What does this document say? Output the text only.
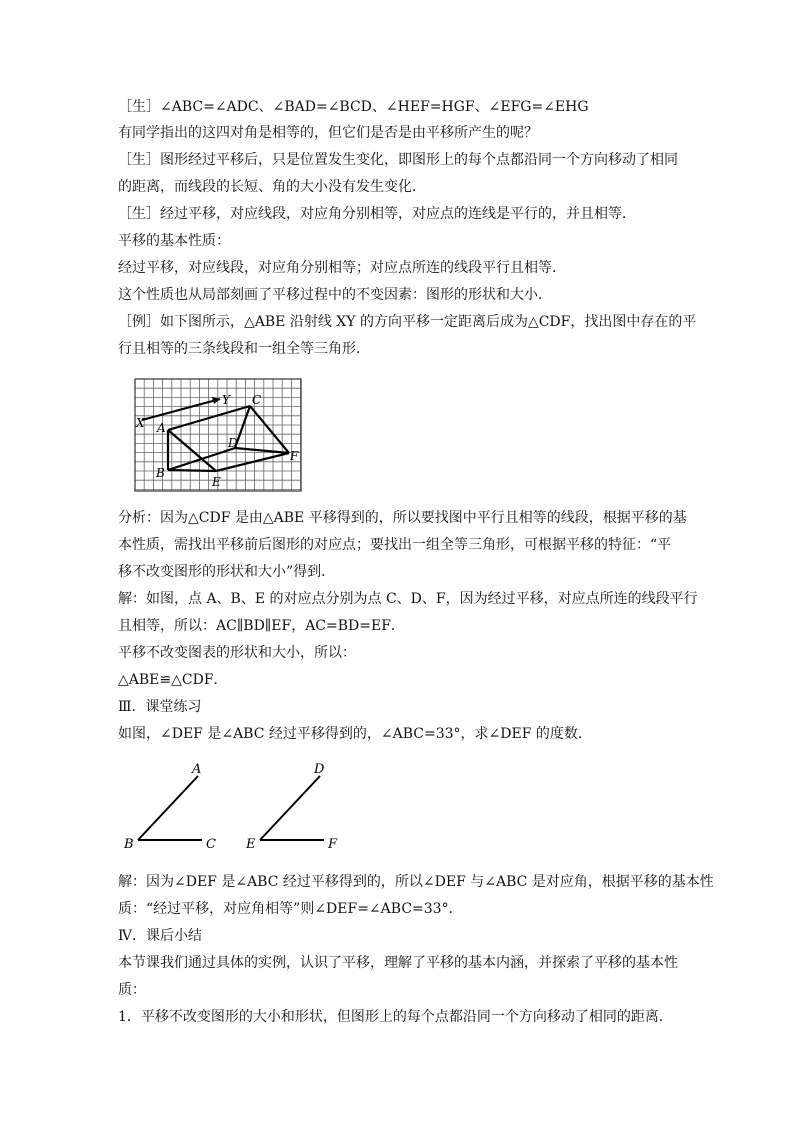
［生］∠ABC=∠ADC、∠BAD=∠BCD、∠HEF=HGF、∠EFG=∠EHG
有同学指出的这四对角是相等的，但它们是否是由平移所产生的呢？
［生］图形经过平移后，只是位置发生变化，即图形上的每个点都沿同一个方向移动了相同
的距离，而线段的长短、角的大小没有发生变化．
［生］经过平移，对应线段，对应角分别相等，对应点的连线是平行的，并且相等．
平移的基本性质：
经过平移，对应线段，对应角分别相等；对应点所连的线段平行且相等．
这个性质也从局部刻画了平移过程中的不变因素：图形的形状和大小．
［例］如下图所示，△ABE 沿射线 XY 的方向平移一定距离后成为△CDF，找出图中存在的平
行且相等的三条线段和一组全等三角形．
X
Y
A
B
C
D
E
F
分析：因为△CDF 是由△ABE 平移得到的，所以要找图中平行且相等的线段，根据平移的基
本性质，需找出平移前后图形的对应点；要找出一组全等三角形，可根据平移的特征：“平
移不改变图形的形状和大小”得到．
解：如图，点 A、B、E 的对应点分别为点 C、D、F，因为经过平移，对应点所连的线段平行
且相等，所以：AC∥BD∥EF，AC=BD=EF．
平移不改变图表的形状和大小，所以：
△ABE≌△CDF．
Ⅲ．课堂练习
如图，∠DEF 是∠ABC 经过平移得到的，∠ABC=33°，求∠DEF 的度数．
A
B	C
D
E	F
解：因为∠DEF 是∠ABC 经过平移得到的，所以∠DEF 与∠ABC 是对应角，根据平移的基本性
质：“经过平移，对应角相等”则∠DEF=∠ABC=33°．
Ⅳ．课后小结
本节课我们通过具体的实例，认识了平移，理解了平移的基本内涵，并探索了平移的基本性
质：
1．平移不改变图形的大小和形状，但图形上的每个点都沿同一个方向移动了相同的距离．
